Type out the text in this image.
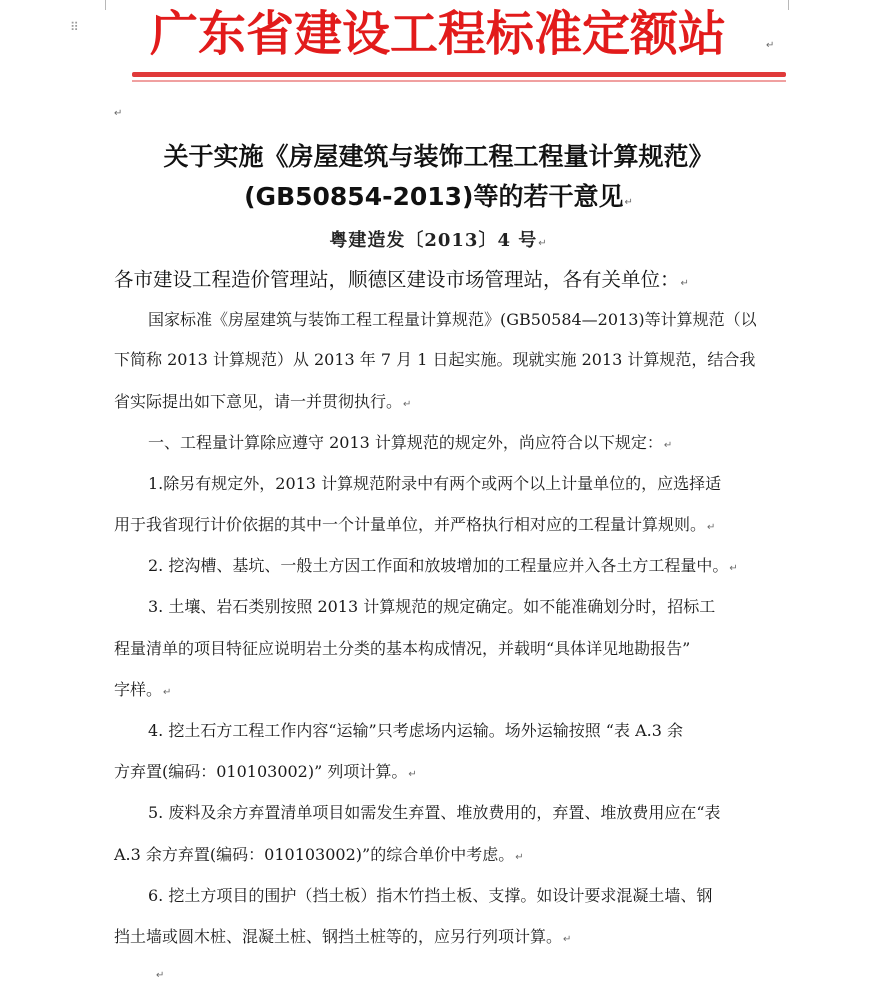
⠿ 广东省建设工程标准定额站	↵
↵
关于实施《房屋建筑与装饰工程工程量计算规范》
(GB50854-2013)等的若干意见↵
粤建造发〔2013〕4 号↵
各市建设工程造价管理站，顺德区建设市场管理站，各有关单位：↵
国家标准《房屋建筑与装饰工程工程量计算规范》(GB50584—2013)等计算规范（以
下简称 2013 计算规范）从 2013 年 7 月 1 日起实施。现就实施 2013 计算规范，结合我
省实际提出如下意见，请一并贯彻执行。↵
一、工程量计算除应遵守 2013 计算规范的规定外，尚应符合以下规定：↵
1.除另有规定外，2013 计算规范附录中有两个或两个以上计量单位的，应选择适
用于我省现行计价依据的其中一个计量单位，并严格执行相对应的工程量计算规则。↵
2. 挖沟槽、基坑、一般土方因工作面和放坡增加的工程量应并入各土方工程量中。↵
3. 土壤、岩石类别按照 2013 计算规范的规定确定。如不能准确划分时，招标工
程量清单的项目特征应说明岩土分类的基本构成情况，并载明“具体详见地勘报告”
字样。↵
4. 挖土石方工程工作内容“运输”只考虑场内运输。场外运输按照 “表 A.3 余
方弃置(编码：010103002)” 列项计算。↵
5. 废料及余方弃置清单项目如需发生弃置、堆放费用的，弃置、堆放费用应在“表
A.3 余方弃置(编码：010103002)”的综合单价中考虑。↵
6. 挖土方项目的围护（挡土板）指木竹挡土板、支撑。如设计要求混凝土墙、钢
挡土墙或圆木桩、混凝土桩、钢挡土桩等的，应另行列项计算。↵
↵
